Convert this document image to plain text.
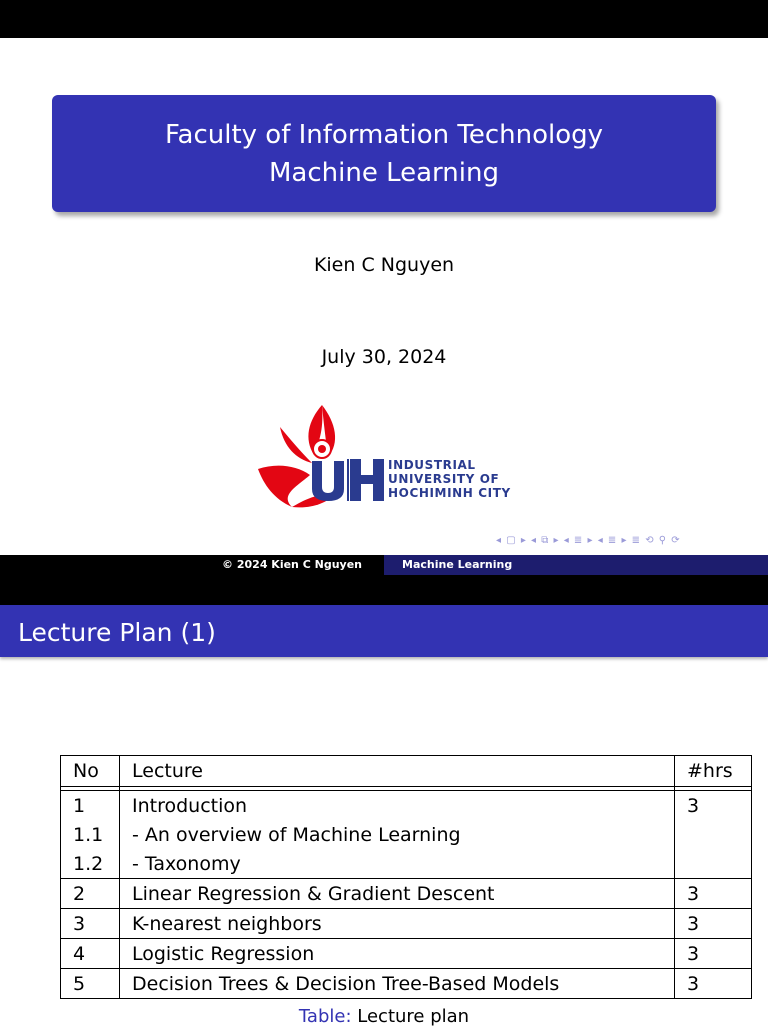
Faculty of Information Technology
Machine Learning
Kien C Nguyen
July 30, 2024
INDUSTRIAL
UNIVERSITY OF
HOCHIMINH CITY
◂ ▢ ▸ ◂ ⧉ ▸ ◂ ≣ ▸ ◂ ≣ ▸ ≣ ⟲ ⚲ ⟳
© 2024 Kien C Nguyen	Machine Learning
Lecture Plan (1)
No	Lecture	#hrs

1	Introduction	3
1.1	- An overview of Machine Learning	
1.2	- Taxonomy	
2	Linear Regression & Gradient Descent	3
3	K-nearest neighbors	3
4	Logistic Regression	3
5	Decision Trees & Decision Tree-Based Models	3
Table: Lecture plan
